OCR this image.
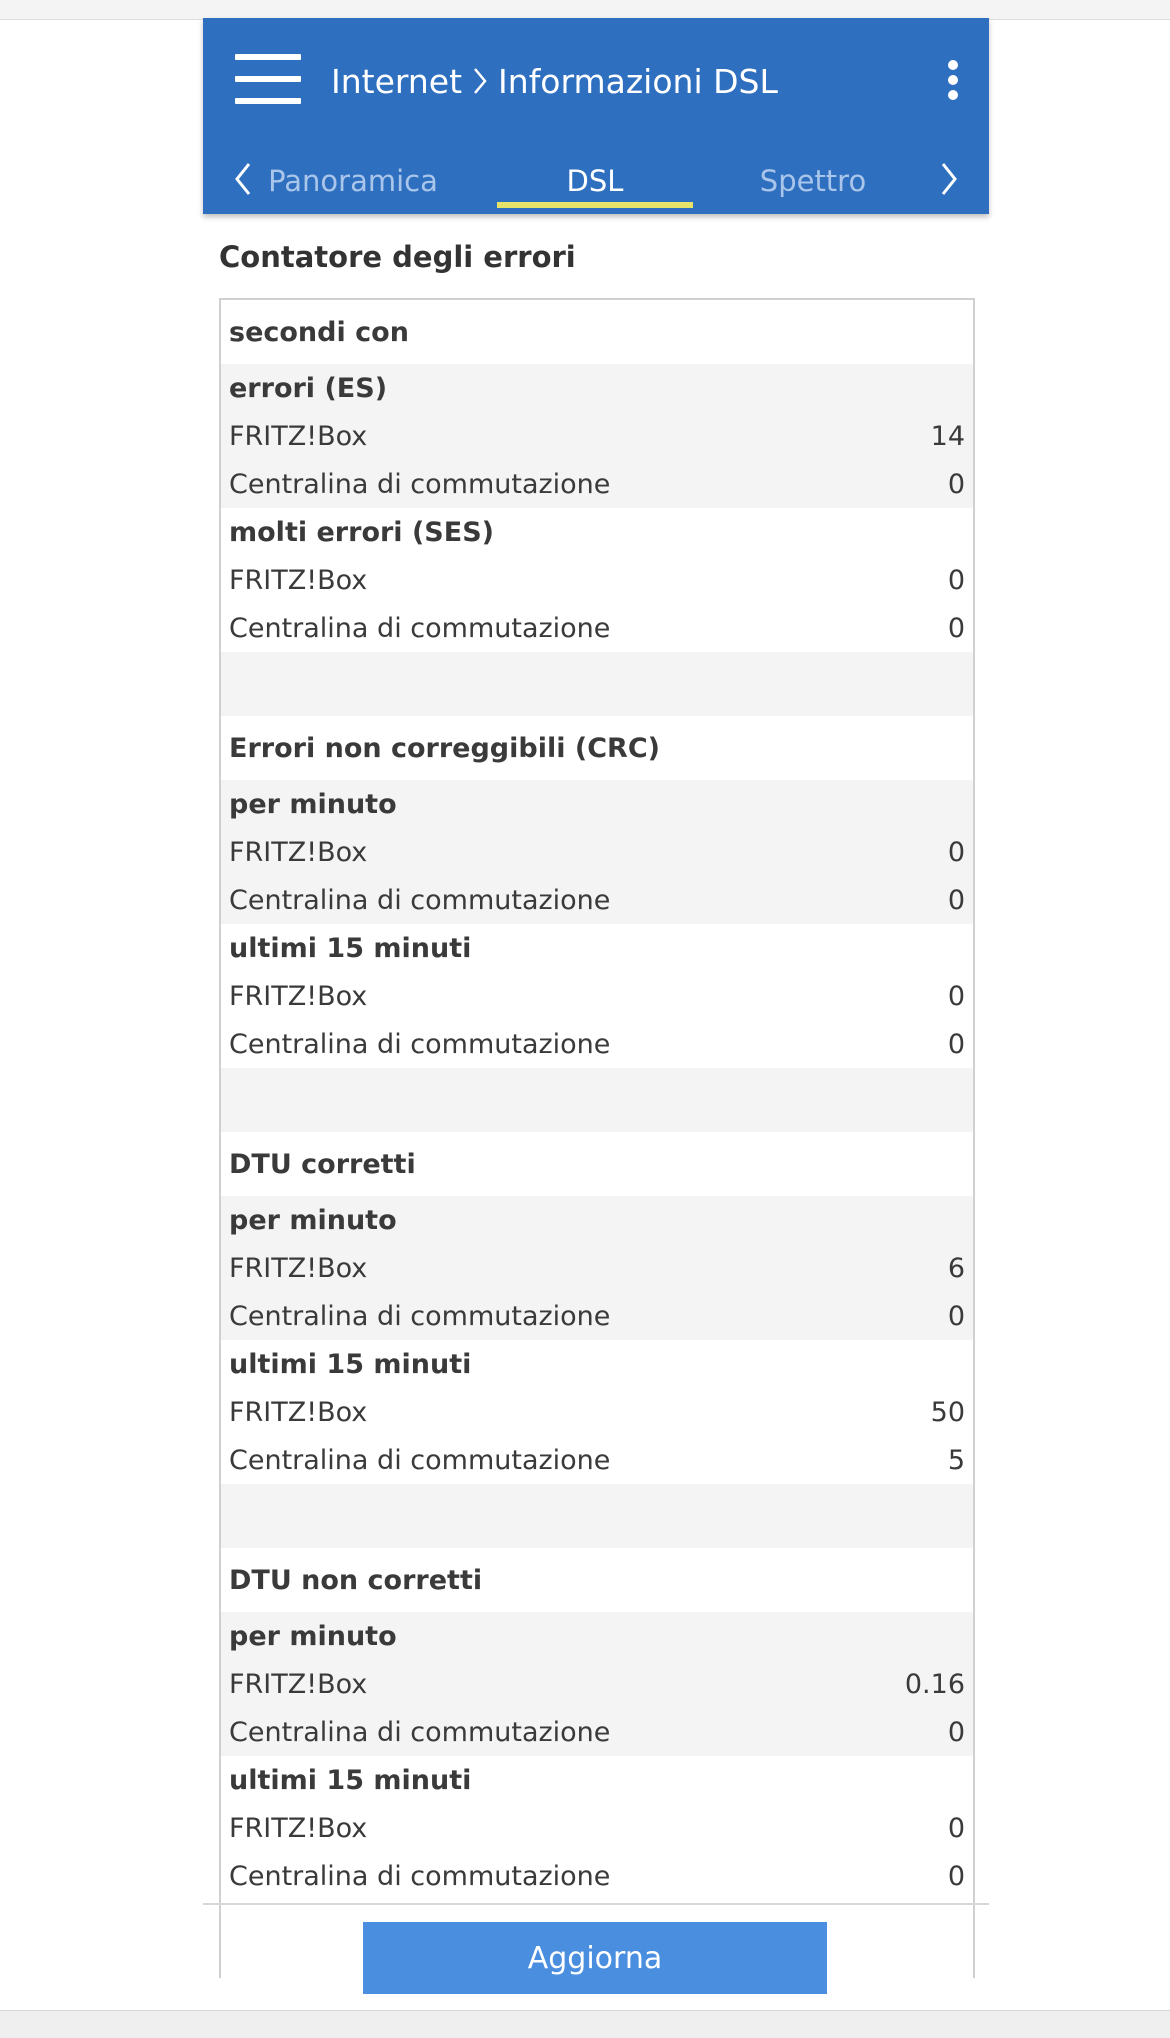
Internet Informazioni DSL
Panoramica	DSL	Spettro
Contatore degli errori
secondi con
errori (ES)
FRITZ!Box	14
Centralina di commutazione	0
molti errori (SES)
FRITZ!Box	0
Centralina di commutazione	0
Errori non correggibili (CRC)
per minuto
FRITZ!Box	0
Centralina di commutazione	0
ultimi 15 minuti
FRITZ!Box	0
Centralina di commutazione	0
DTU corretti
per minuto
FRITZ!Box	6
Centralina di commutazione	0
ultimi 15 minuti
FRITZ!Box	50
Centralina di commutazione	5
DTU non corretti
per minuto
FRITZ!Box	0.16
Centralina di commutazione	0
ultimi 15 minuti
FRITZ!Box	0
Centralina di commutazione	0
Aggiorna
